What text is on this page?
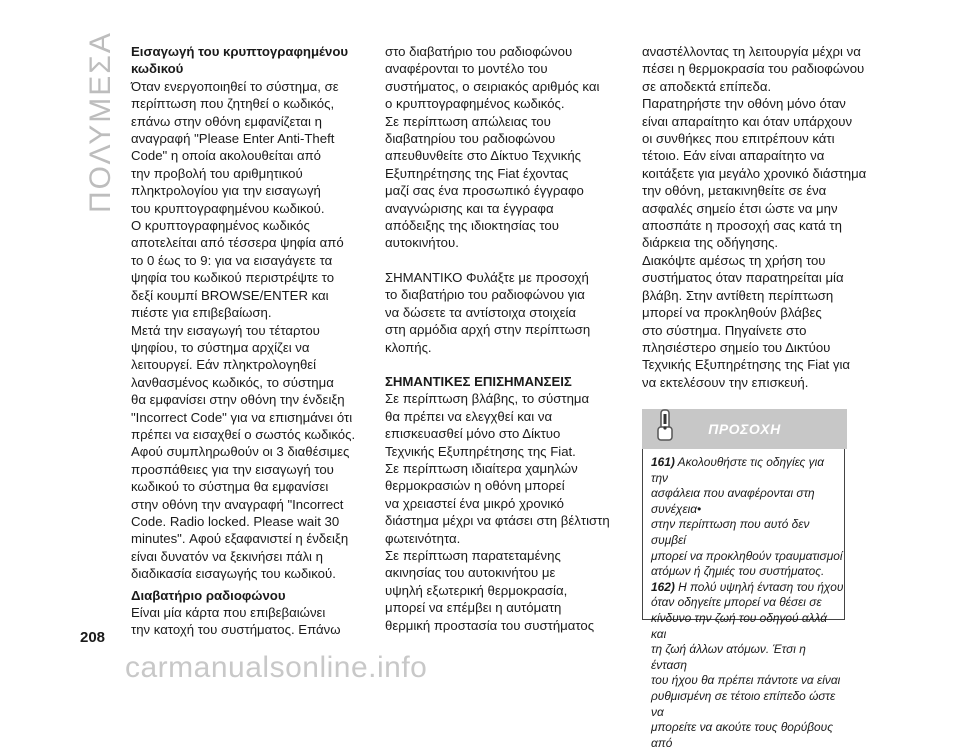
ΠΟΛΥΜΕΣΑ Εισαγωγή του κρυπτογραφημένου

κωδικού

Όταν ενεργοποιηθεί το σύστημα, σε

περίπτωση που ζητηθεί ο κωδικός,

επάνω στην οθόνη εμφανίζεται η

αναγραφή "Please Enter Anti-Theft

Code" η οποία ακολουθείται από

την προβολή του αριθμητικού

πληκτρολογίου για την εισαγωγή

του κρυπτογραφημένου κωδικού.

Ο κρυπτογραφημένος κωδικός

αποτελείται από τέσσερα ψηφία από

το 0 έως το 9: για να εισαγάγετε τα

ψηφία του κωδικού περιστρέψτε το

δεξί κουμπί BROWSE/ENTER και

πιέστε για επιβεβαίωση.

Μετά την εισαγωγή του τέταρτου

ψηφίου, το σύστημα αρχίζει να

λειτουργεί. Εάν πληκτρολογηθεί

λανθασμένος κωδικός, το σύστημα

θα εμφανίσει στην οθόνη την ένδειξη

"Incorrect Code" για να επισημάνει ότι

πρέπει να εισαχθεί ο σωστός κωδικός.

Αφού συμπληρωθούν οι 3 διαθέσιμες

προσπάθειες για την εισαγωγή του

κωδικού το σύστημα θα εμφανίσει

στην οθόνη την αναγραφή "Incorrect

Code. Radio locked. Please wait 30

minutes". Αφού εξαφανιστεί η ένδειξη

είναι δυνατόν να ξεκινήσει πάλι η

διαδικασία εισαγωγής του κωδικού.

Διαβατήριο ραδιοφώνου

Είναι μία κάρτα που επιβεβαιώνει

την κατοχή του συστήματος. Επάνω

στο διαβατήριο του ραδιοφώνου

αναφέρονται το μοντέλο του

συστήματος, ο σειριακός αριθμός και

ο κρυπτογραφημένος κωδικός.

Σε περίπτωση απώλειας του

διαβατηρίου του ραδιοφώνου

απευθυνθείτε στο Δίκτυο Τεχνικής

Εξυπηρέτησης της Fiat έχοντας

μαζί σας ένα προσωπικό έγγραφο

αναγνώρισης και τα έγγραφα

απόδειξης της ιδιοκτησίας του

αυτοκινήτου.

ΣΗΜΑΝΤΙΚΟ Φυλάξτε με προσοχή

το διαβατήριο του ραδιοφώνου για

να δώσετε τα αντίστοιχα στοιχεία

στη αρμόδια αρχή στην περίπτωση

κλοπής.

ΣΗΜΑΝΤΙΚΕΣ ΕΠΙΣΗΜΑΝΣΕΙΣ

Σε περίπτωση βλάβης, το σύστημα

θα πρέπει να ελεγχθεί και να

επισκευασθεί μόνο στο Δίκτυο

Τεχνικής Εξυπηρέτησης της Fiat.

Σε περίπτωση ιδιαίτερα χαμηλών

θερμοκρασιών η οθόνη μπορεί

να χρειαστεί ένα μικρό χρονικό

διάστημα μέχρι να φτάσει στη βέλτιστη

φωτεινότητα.

Σε περίπτωση παρατεταμένης

ακινησίας του αυτοκινήτου με

υψηλή εξωτερική θερμοκρασία,

μπορεί να επέμβει η αυτόματη

θερμική προστασία του συστήματος

αναστέλλοντας τη λειτουργία μέχρι να

πέσει η θερμοκρασία του ραδιοφώνου

σε αποδεκτά επίπεδα.

Παρατηρήστε την οθόνη μόνο όταν

είναι απαραίτητο και όταν υπάρχουν

οι συνθήκες που επιτρέπουν κάτι

τέτοιο. Εάν είναι απαραίτητο να

κοιτάξετε για μεγάλο χρονικό διάστημα

την οθόνη, μετακινηθείτε σε ένα

ασφαλές σημείο έτσι ώστε να μην

αποσπάτε η προσοχή σας κατά τη

διάρκεια της οδήγησης.

Διακόψτε αμέσως τη χρήση του

συστήματος όταν παρατηρείται μία

βλάβη. Στην αντίθετη περίπτωση

μπορεί να προκληθούν βλάβες

στο σύστημα. Πηγαίνετε στο

πλησιέστερο σημείο του Δικτύου

Τεχνικής Εξυπηρέτησης της Fiat για

να εκτελέσουν την επισκευή.

ΠΡΟΣΟΧΗ

161) Ακολουθήστε τις οδηγίες για την

ασφάλεια που αναφέρονται στη συνέχεια•

στην περίπτωση που αυτό δεν συμβεί

μπορεί να προκληθούν τραυματισμοί

ατόμων ή ζημιές του συστήματος.

162) Η πολύ υψηλή ένταση του ήχου

όταν οδηγείτε μπορεί να θέσει σε

κίνδυνο την ζωή του οδηγού αλλά και

τη ζωή άλλων ατόμων. Έτσι η ένταση

του ήχου θα πρέπει πάντοτε να είναι

ρυθμισμένη σε τέτοιο επίπεδο ώστε να

μπορείτε να ακούτε τους θορύβους από

208
carmanualsonline.info
